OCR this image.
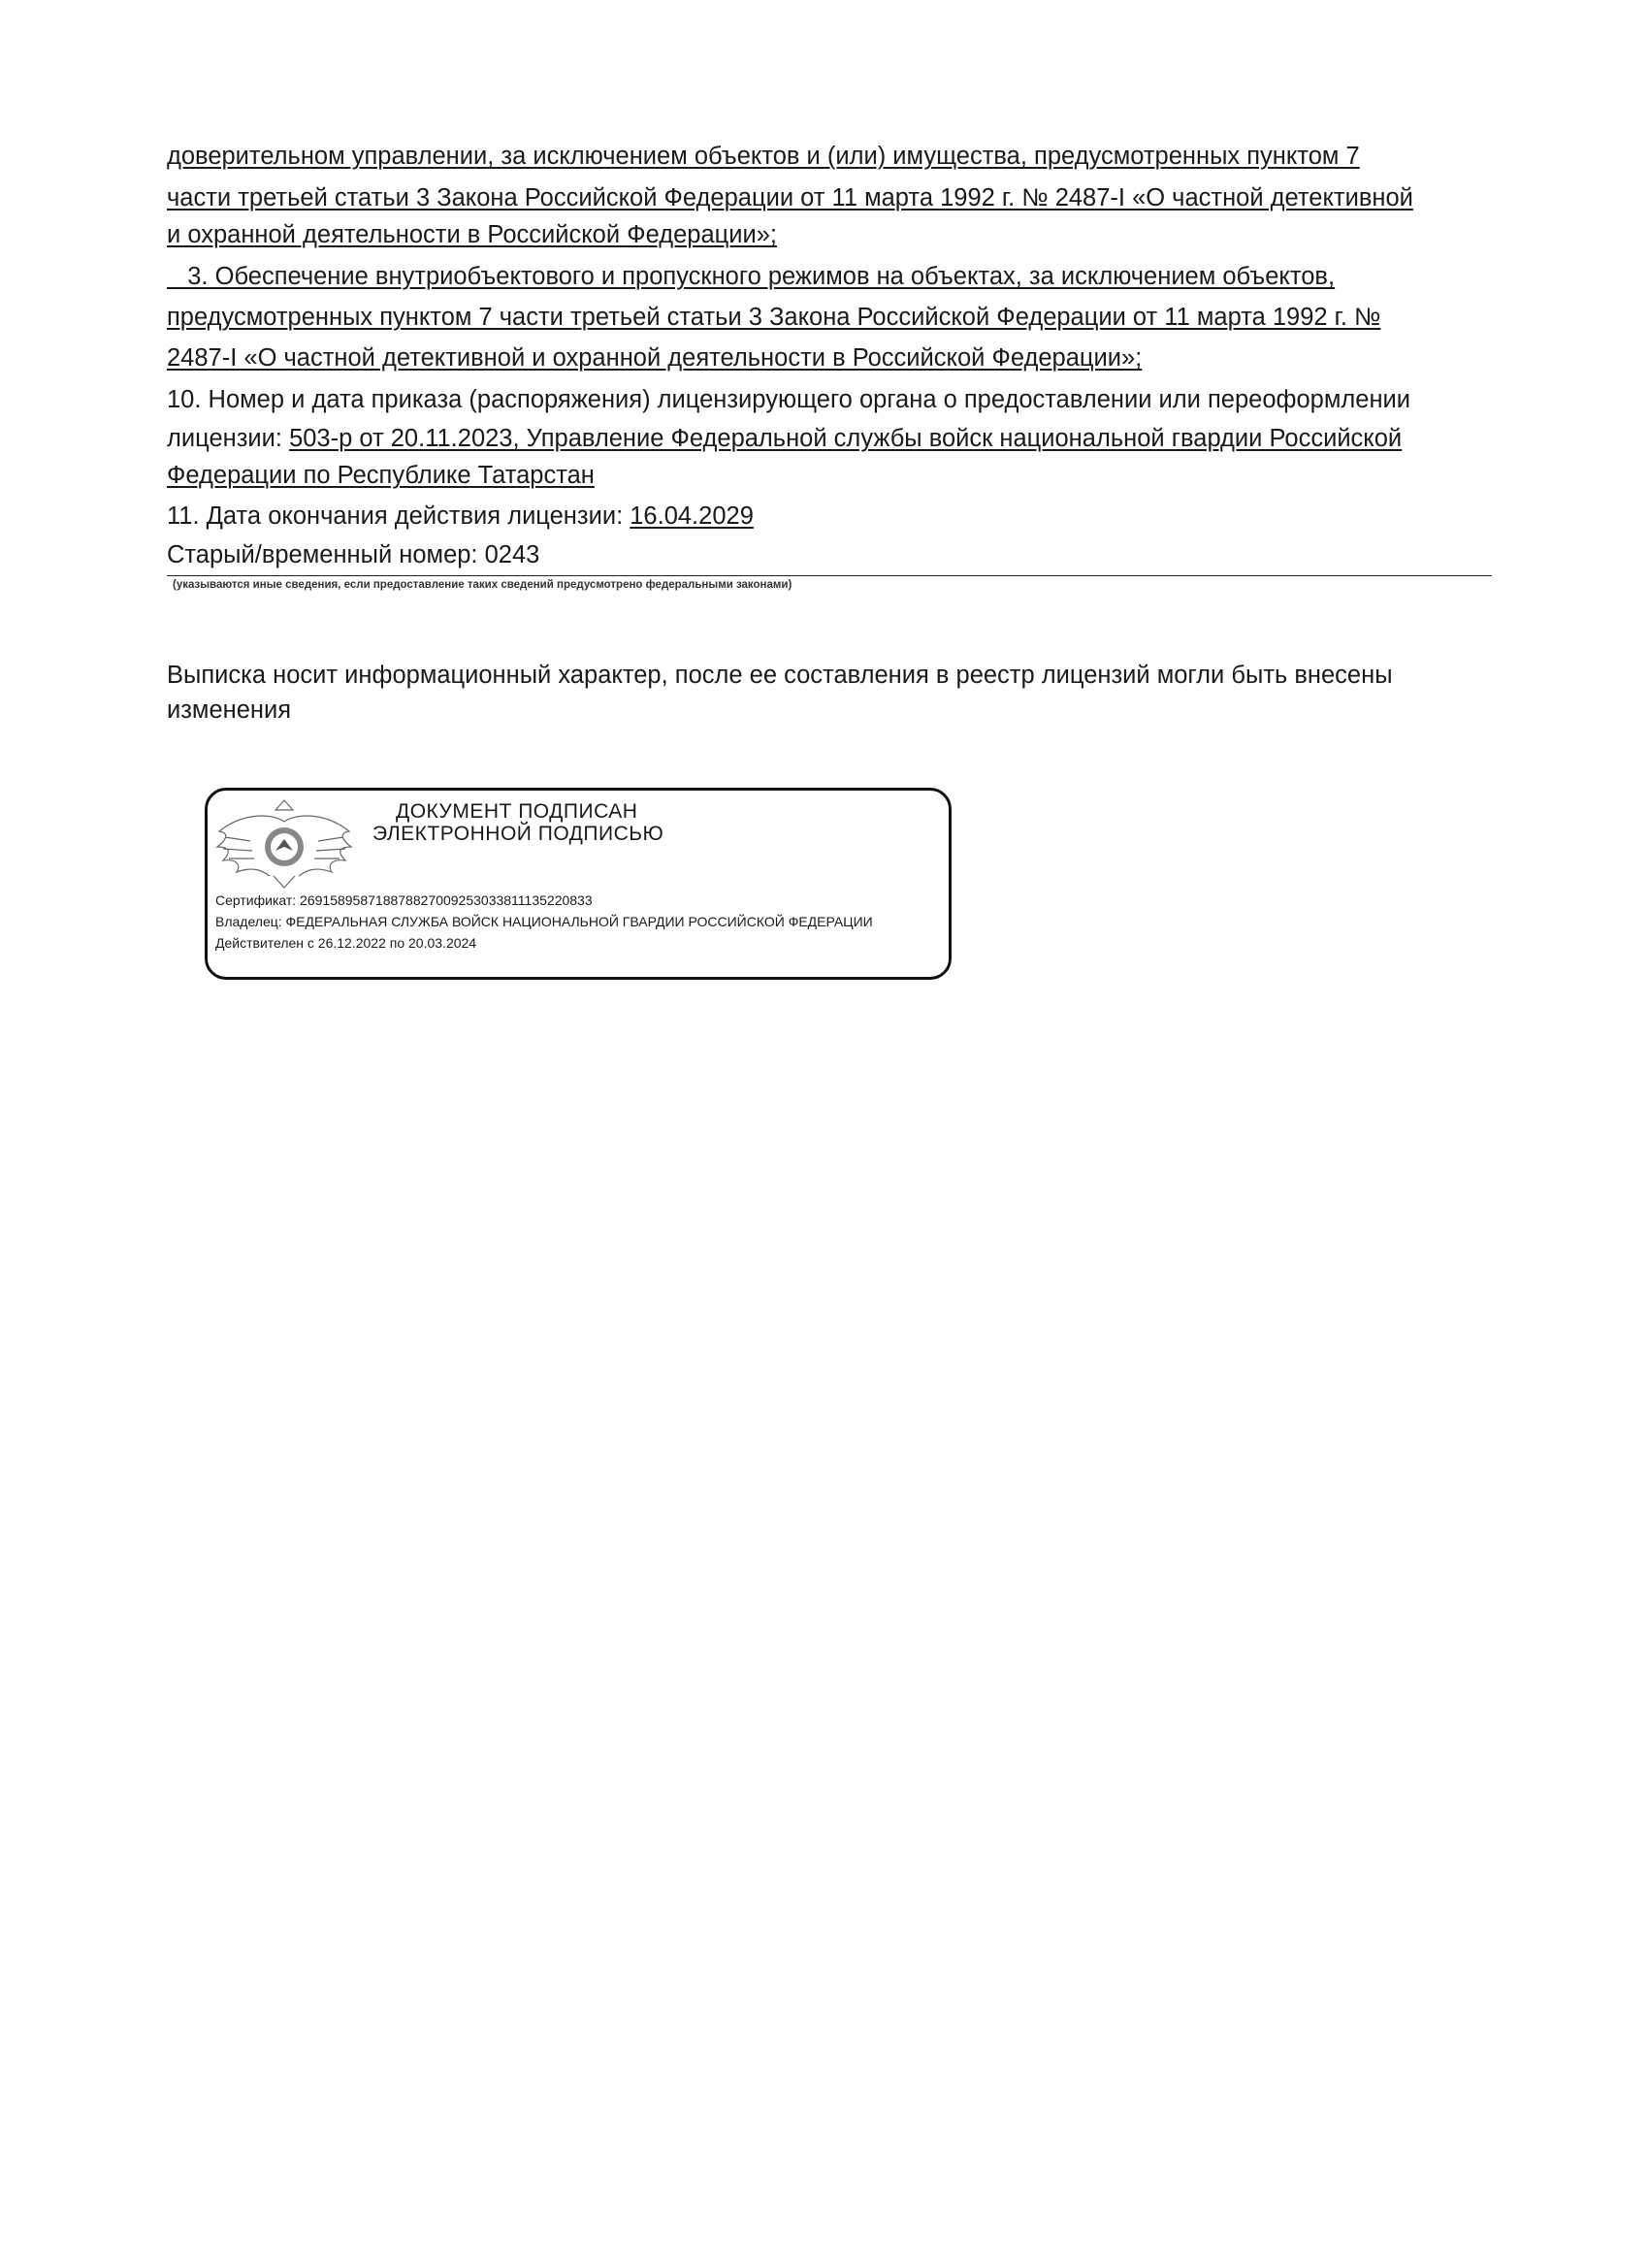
доверительном управлении, за исключением объектов и (или) имущества, предусмотренных пунктом 7
части третьей статьи 3 Закона Российской Федерации от 11 марта 1992 г. № 2487-I «О частной детективной
и охранной деятельности в Российской Федерации»;
3. Обеспечение внутриобъектового и пропускного режимов на объектах, за исключением объектов,
предусмотренных пунктом 7 части третьей статьи 3 Закона Российской Федерации от 11 марта 1992 г. №
2487-I «О частной детективной и охранной деятельности в Российской Федерации»;
10. Номер и дата приказа (распоряжения) лицензирующего органа о предоставлении или переоформлении
лицензии: 503-р от 20.11.2023, Управление Федеральной службы войск национальной гвардии Российской
Федерации по Республике Татарстан
11. Дата окончания действия лицензии: 16.04.2029
Старый/временный номер: 0243
(указываются иные сведения, если предоставление таких сведений предусмотрено федеральными законами)
Выписка носит информационный характер, после ее составления в реестр лицензий могли быть внесены
изменения
ДОКУМЕНТ ПОДПИСАН
ЭЛЕКТРОННОЙ ПОДПИСЬЮ
Сертификат: 269158958718878827009253033811135220833
Владелец: ФЕДЕРАЛЬНАЯ СЛУЖБА ВОЙСК НАЦИОНАЛЬНОЙ ГВАРДИИ РОССИЙСКОЙ ФЕДЕРАЦИИ
Действителен с 26.12.2022 по 20.03.2024
